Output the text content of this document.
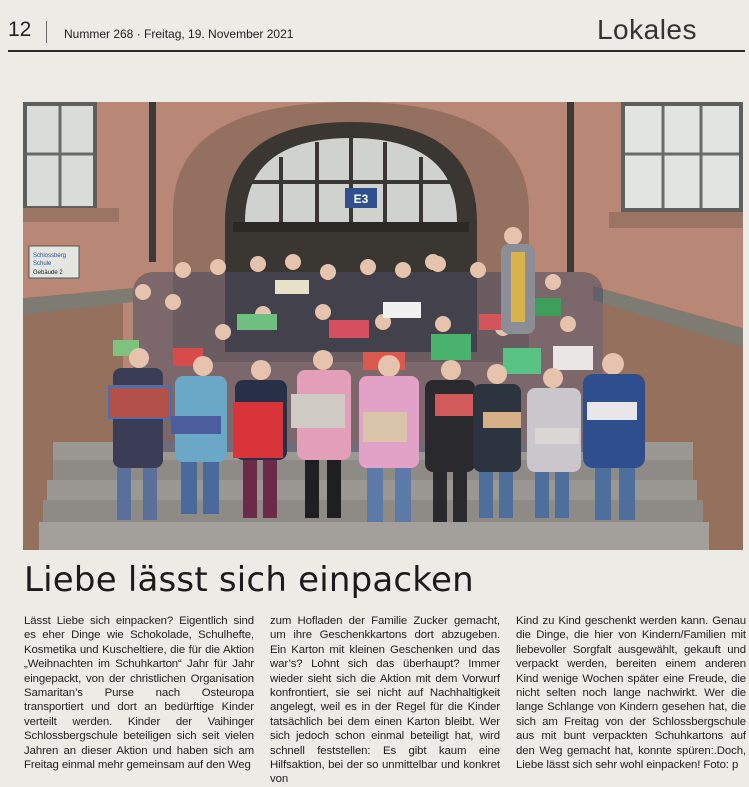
12	Nummer 268 · Freitag, 19. November 2021	Lokales
E3
Schlossberg
Schule
Gebäude 2
Liebe lässt sich einpacken

Lässt Liebe sich einpacken? Eigentlich sind es eher Dinge wie Schokolade, Schulhefte, Kosmetika und Kuscheltiere, die für die Aktion „Weihnachten im Schuhkarton“ Jahr für Jahr eingepackt, von der christlichen Organisation Samaritan’s Purse nach Osteuropa transportiert und dort an bedürftige Kinder verteilt werden. Kinder der Vaihinger Schlossbergschule beteiligen sich seit vielen Jahren an dieser Aktion und haben sich am Freitag einmal mehr gemeinsam auf den Weg

zum Hofladen der Familie Zucker gemacht, um ihre Geschenkkartons dort abzugeben. Ein Karton mit kleinen Geschenken und das war’s? Lohnt sich das überhaupt? Immer wieder sieht sich die Aktion mit dem Vorwurf konfrontiert, sie sei nicht auf Nachhaltigkeit angelegt, weil es in der Regel für die Kinder tatsächlich bei dem einen Karton bleibt. Wer sich jedoch schon einmal beteiligt hat, wird schnell feststellen: Es gibt kaum eine Hilfsaktion, bei der so unmittelbar und konkret von

Kind zu Kind geschenkt werden kann. Genau die Dinge, die hier von Kindern/Familien mit liebevoller Sorgfalt ausgewählt, gekauft und verpackt werden, bereiten einem anderen Kind wenige Wochen später eine Freude, die nicht selten noch lange nachwirkt. Wer die lange Schlange von Kindern gesehen hat, die sich am Freitag von der Schlossbergschule aus mit bunt verpackten Schuhkartons auf den Weg gemacht hat, konnte spüren:.Doch, Liebe lässt sich sehr wohl einpacken! Foto: p
